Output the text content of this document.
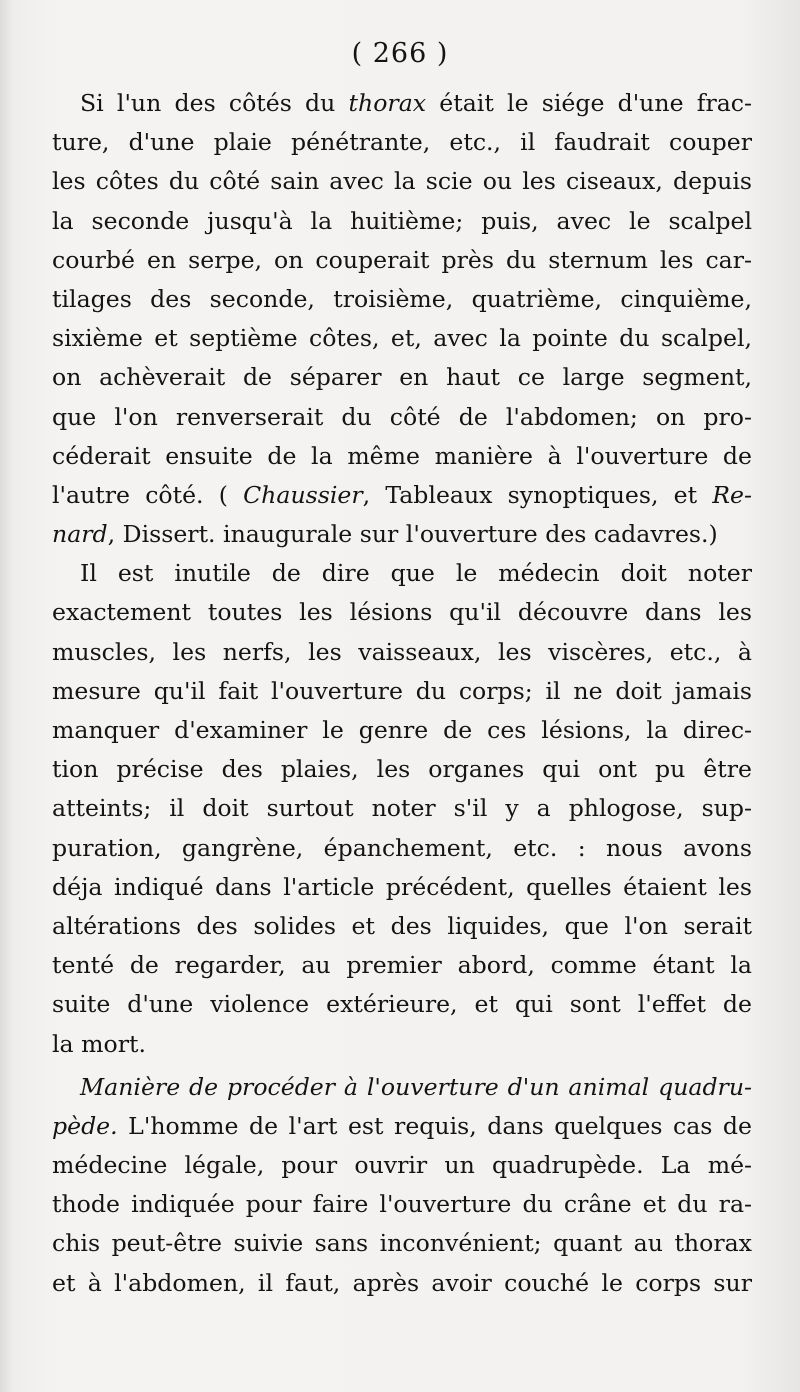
( 266 )
Si l'un des côtés du thorax était le siége d'une frac-
ture, d'une plaie pénétrante, etc., il faudrait couper
les côtes du côté sain avec la scie ou les ciseaux, depuis
la seconde jusqu'à la huitième; puis, avec le scalpel
courbé en serpe, on couperait près du sternum les car-
tilages des seconde, troisième, quatrième, cinquième,
sixième et septième côtes, et, avec la pointe du scalpel,
on achèverait de séparer en haut ce large segment,
que l'on renverserait du côté de l'abdomen; on pro-
céderait ensuite de la même manière à l'ouverture de
l'autre côté. ( Chaussier, Tableaux synoptiques, et Re-
nard, Dissert. inaugurale sur l'ouverture des cadavres.)
Il est inutile de dire que le médecin doit noter
exactement toutes les lésions qu'il découvre dans les
muscles, les nerfs, les vaisseaux, les viscères, etc., à
mesure qu'il fait l'ouverture du corps; il ne doit jamais
manquer d'examiner le genre de ces lésions, la direc-
tion précise des plaies, les organes qui ont pu être
atteints; il doit surtout noter s'il y a phlogose, sup-
puration, gangrène, épanchement, etc. : nous avons
déja indiqué dans l'article précédent, quelles étaient les
altérations des solides et des liquides, que l'on serait
tenté de regarder, au premier abord, comme étant la
suite d'une violence extérieure, et qui sont l'effet de
la mort.
Manière de procéder à l'ouverture d'un animal quadru-
pède. L'homme de l'art est requis, dans quelques cas de
médecine légale, pour ouvrir un quadrupède. La mé-
thode indiquée pour faire l'ouverture du crâne et du ra-
chis peut-être suivie sans inconvénient; quant au thorax
et à l'abdomen, il faut, après avoir couché le corps sur
